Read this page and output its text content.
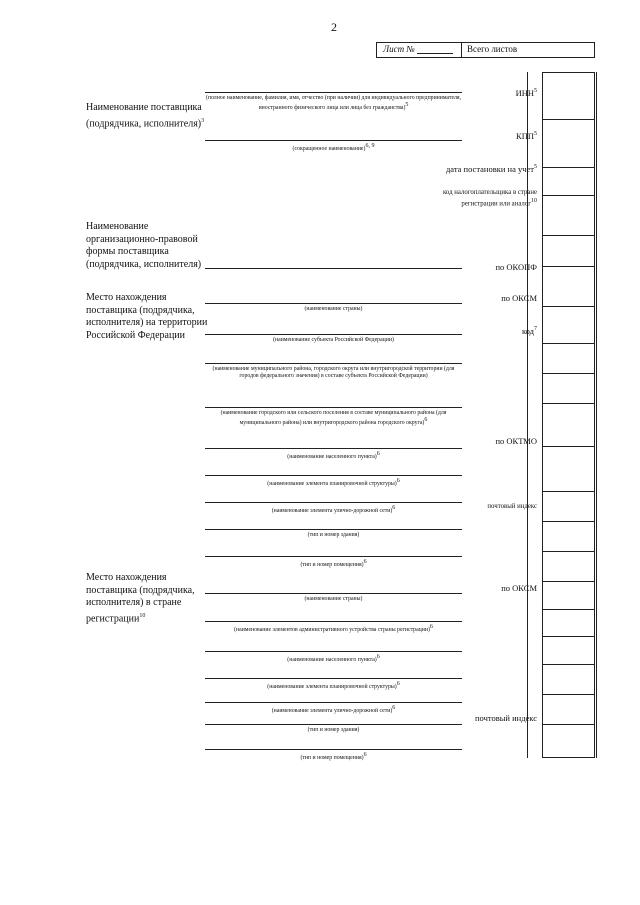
2
Лист №	Всего листов
Наименование поставщика (подрядчика, исполнителя)$^3$
(полное наименование, фамилия, имя, отчество (при наличии) для индивидуального предпринимателя, иностранного физического лица или лица без гражданства)$^5$
(сокращенное наименование)$^{6, 9}$
ИНН$^5$
КПП$^5$
дата постановки на учет$^5$
код налогоплательщика в стране
регистрации или аналог$^{10}$
Наименование организационно-правовой формы поставщика (подрядчика, исполнителя)	по ОКОПФ
Место нахождения поставщика (подрядчика, исполнителя) на территории Российской Федерации
(наименование страны)
по ОКСМ
(наименование субъекта Российской Федерации)
код$^7$
(наименование муниципального района, городского округа или внутригородской территории (для городов федерального значения) в составе субъекта Российской Федерации)
(наименование городского или сельского поселения в составе муниципального района (для муниципального района) или внутригородского района городского округа)$^6$
по ОКТМО
(наименование населенного пункта)$^6$
(наименование элемента планировочной структуры)$^6$
(наименование элемента улично-дорожной сети)$^6$	почтовый индекс
(тип и номер здания)
(тип и номер помещения)$^6$
Место нахождения поставщика (подрядчика, исполнителя) в стране регистрации$^{10}$
(наименование страны)
по ОКСМ
(наименование элементов административного устройства страны регистрации)$^6$
(наименование населенного пункта)$^6$
(наименование элемента планировочной структуры)$^6$
(наименование элемента улично-дорожной сети)$^6$
почтовый индекс
(тип и номер здания)
(тип и номер помещения)$^6$
